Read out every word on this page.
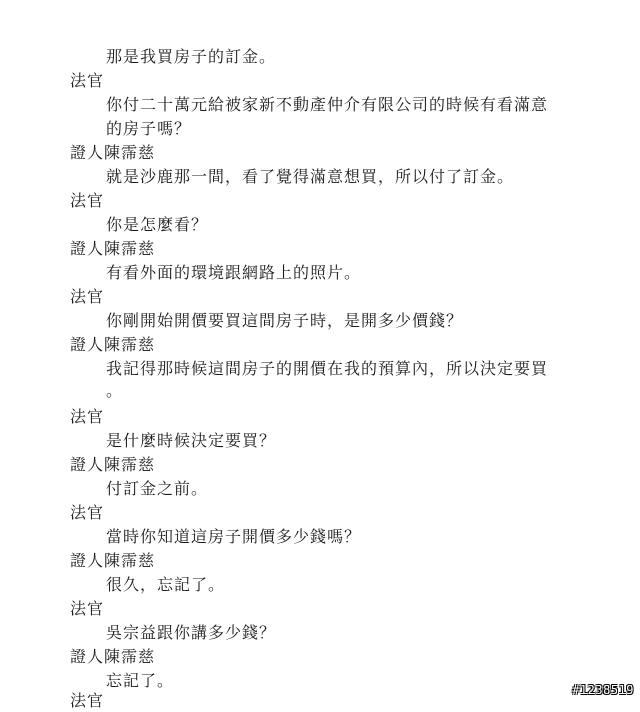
那是我買房子的訂金。
法官
你付二十萬元給被家新不動產仲介有限公司的時候有看滿意
的房子嗎？
證人陳霈慈
就是沙鹿那一間，看了覺得滿意想買，所以付了訂金。
法官
你是怎麼看？
證人陳霈慈
有看外面的環境跟網路上的照片。
法官
你剛開始開價要買這間房子時，是開多少價錢？
證人陳霈慈
我記得那時候這間房子的開價在我的預算內，所以決定要買
。
法官
是什麼時候決定要買？
證人陳霈慈
付訂金之前。
法官
當時你知道這房子開價多少錢嗎？
證人陳霈慈
很久，忘記了。
法官
吳宗益跟你講多少錢？
證人陳霈慈
忘記了。
法官
#1238519
